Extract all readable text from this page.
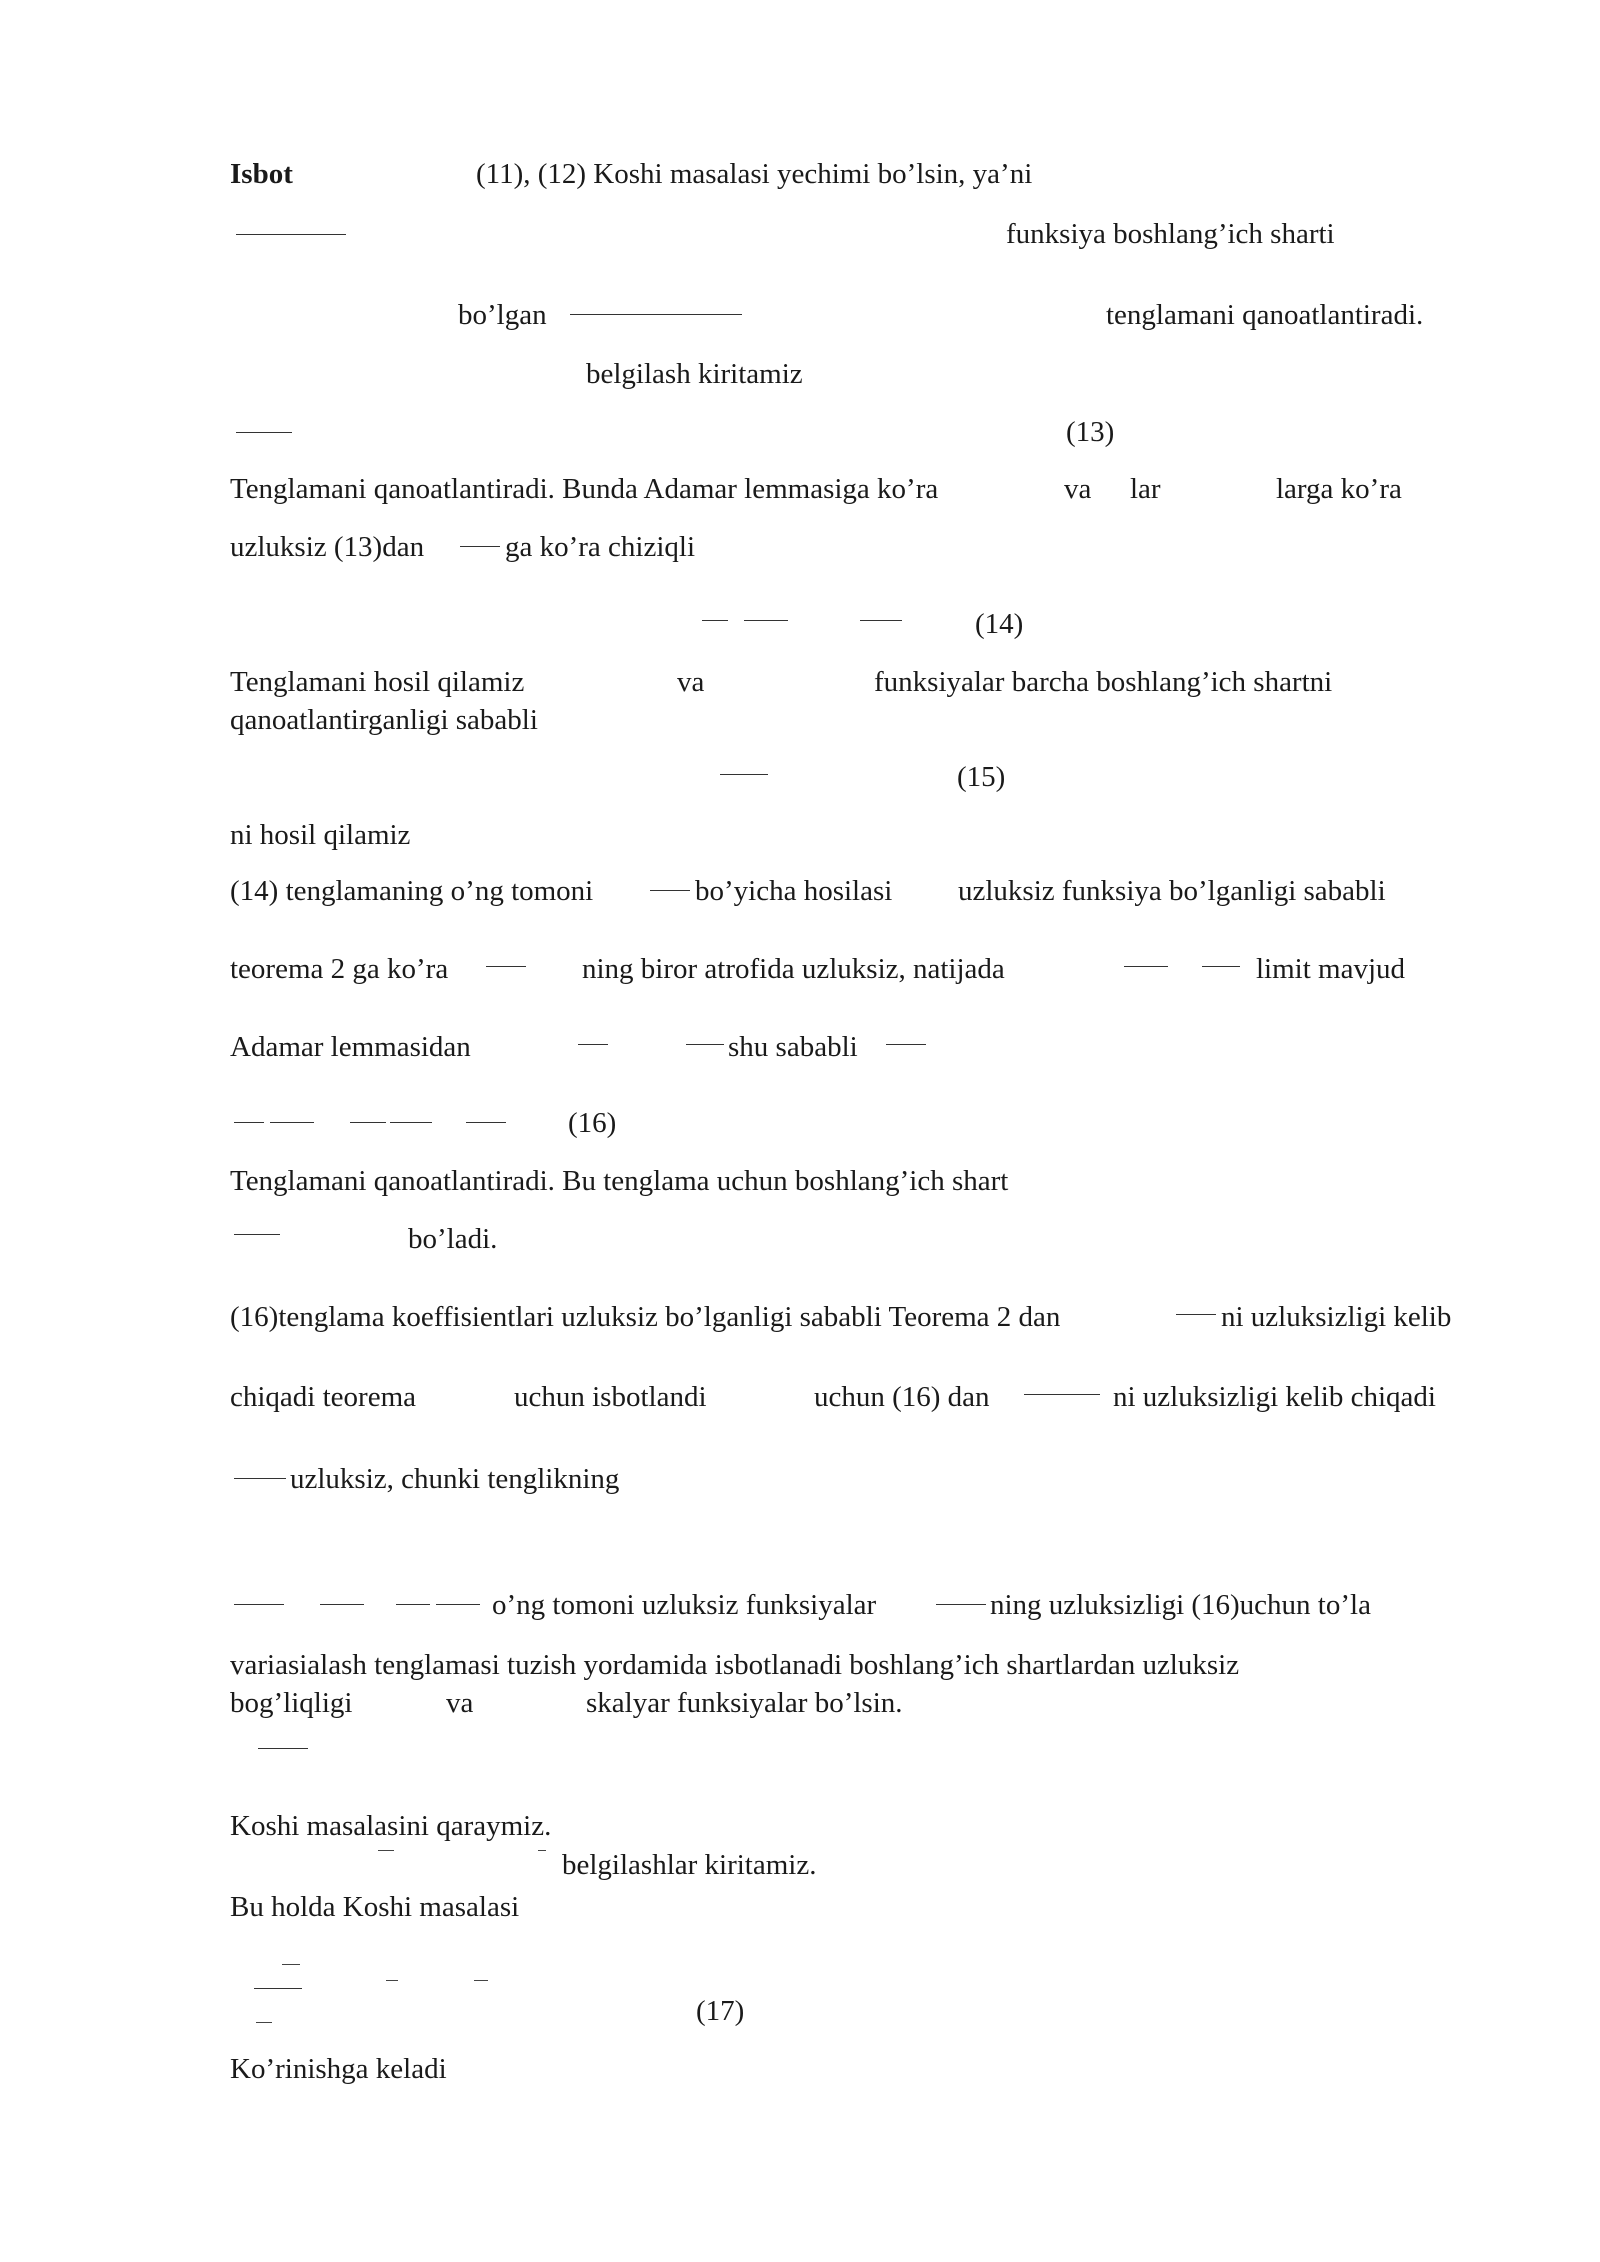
Isbot	(11), (12) Koshi masalasi yechimi bo’lsin, ya’ni
funksiya boshlang’ich sharti
bo’lgan	tenglamani qanoatlantiradi.
belgilash kiritamiz
(13)
Tenglamani qanoatlantiradi. Bunda Adamar lemmasiga ko’ra	va lar	larga ko’ra
uzluksiz (13)dan	ga ko’ra chiziqli
(14)
Tenglamani hosil qilamiz	va	funksiyalar barcha boshlang’ich shartni
qanoatlantirganligi sababli
(15)
ni hosil qilamiz
(14) tenglamaning o’ng tomoni	bo’yicha hosilasi uzluksiz funksiya bo’lganligi sababli
teorema 2 ga ko’ra	ning biror atrofida uzluksiz, natijada	limit mavjud
Adamar lemmasidan	shu sababli
(16)
Tenglamani qanoatlantiradi. Bu tenglama uchun boshlang’ich shart
bo’ladi.
(16)tenglama koeffisientlari uzluksiz bo’lganligi sababli Teorema 2 dan	ni uzluksizligi kelib
chiqadi teorema	uchun isbotlandi	uchun (16) dan	ni uzluksizligi kelib chiqadi
uzluksiz, chunki tenglikning
o’ng tomoni uzluksiz funksiyalar	ning uzluksizligi (16)uchun to’la
variasialash tenglamasi tuzish yordamida isbotlanadi boshlang’ich shartlardan uzluksiz
bog’liqligi	va	skalyar funksiyalar bo’lsin.
Koshi masalasini qaraymiz.
belgilashlar kiritamiz.
Bu holda Koshi masalasi
(17)
Ko’rinishga keladi
